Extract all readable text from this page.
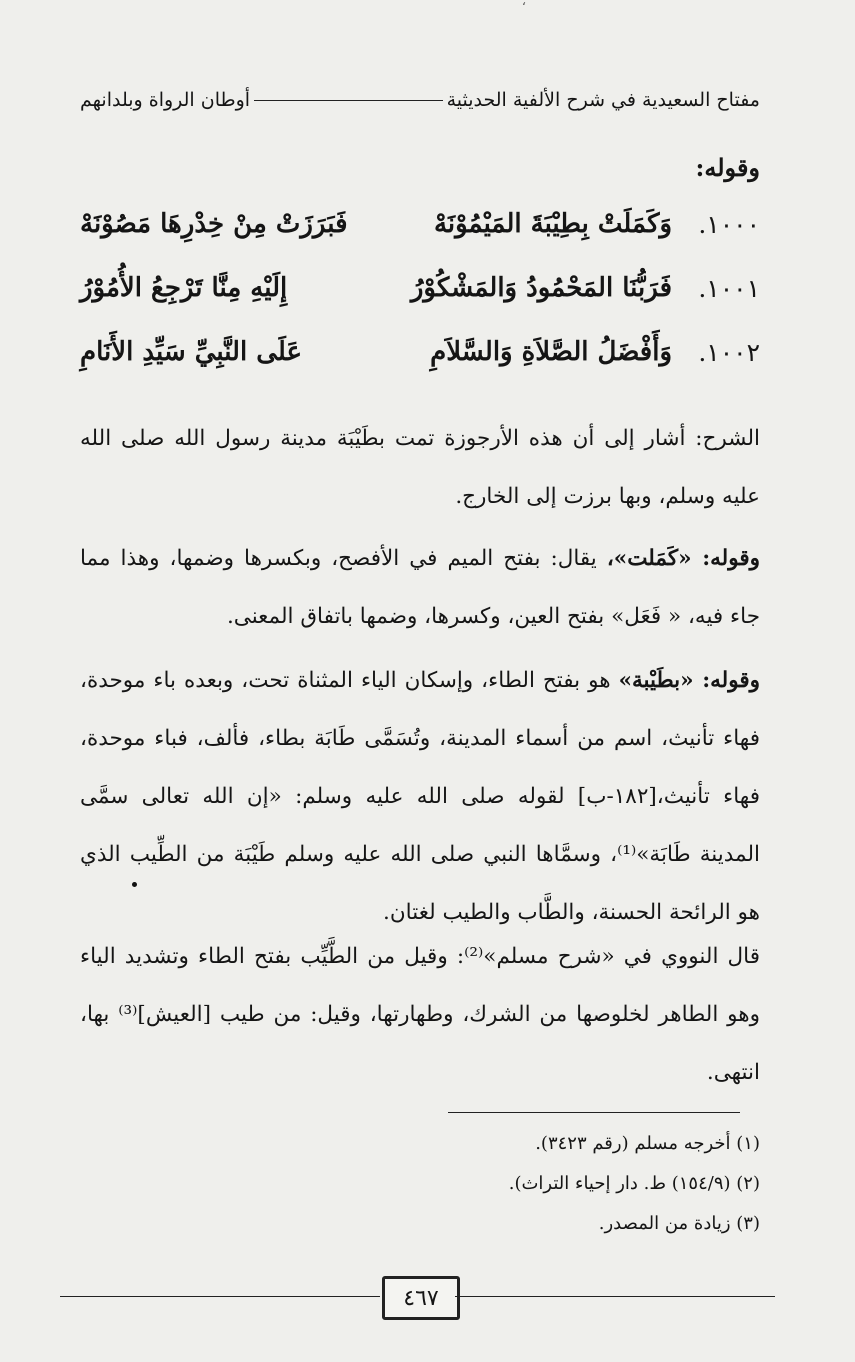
‘
مفتاح السعيدية في شرح الألفية الحديثية
أوطان الرواة وبلدانهم
وقوله:
١٠٠٠.
وَكَمَلَتْ بِطِيْبَةَ المَيْمُوْنَهْ
فَبَرَزَتْ مِنْ خِدْرِهَا مَصُوْنَهْ
١٠٠١.
فَرَبُّنَا المَحْمُودُ وَالمَشْكُوْرُ
إِلَيْهِ مِنَّا تَرْجِعُ الأُمُوْرُ
١٠٠٢.
وَأَفْضَلُ الصَّلاَةِ وَالسَّلاَمِ
عَلَى النَّبِيِّ سَيِّدِ الأَنَامِ

الشرح: أشار إلى أن هذه الأرجوزة تمت بطَيْبَة مدينة رسول الله صلى الله عليه وسلم، وبها برزت إلى الخارج.

وقوله: «كَمَلت»، يقال: بفتح الميم في الأفصح، وبكسرها وضمها، وهذا مما جاء فيه، « فَعَل» بفتح العين، وكسرها، وضمها باتفاق المعنى.

وقوله: «بطَيْبة» هو بفتح الطاء، وإسكان الياء المثناة تحت، وبعده باء موحدة، فهاء تأنيث، اسم من أسماء المدينة، وتُسَمَّى طَابَة بطاء، فألف، فباء موحدة، فهاء تأنيث،[١٨٢-ب] لقوله صلى الله عليه وسلم: «إن الله تعالى سمَّى المدينة طَابَة»⁽¹⁾، وسمَّاها النبي صلى الله عليه وسلم طَيْبَة من الطِّيب الذي هو الرائحة الحسنة، والطَّاب والطيب لغتان.

قال النووي في «شرح مسلم»⁽²⁾: وقيل من الطَّيِّب بفتح الطاء وتشديد الياء وهو الطاهر لخلوصها من الشرك، وطهارتها، وقيل: من طيب [العيش]⁽³⁾ بها، انتهى.

(١) أخرجه مسلم (رقم ٣٤٢٣).
(٢) (١٥٤/٩) ط. دار إحياء التراث).
(٣) زيادة من المصدر.
٤٦٧
